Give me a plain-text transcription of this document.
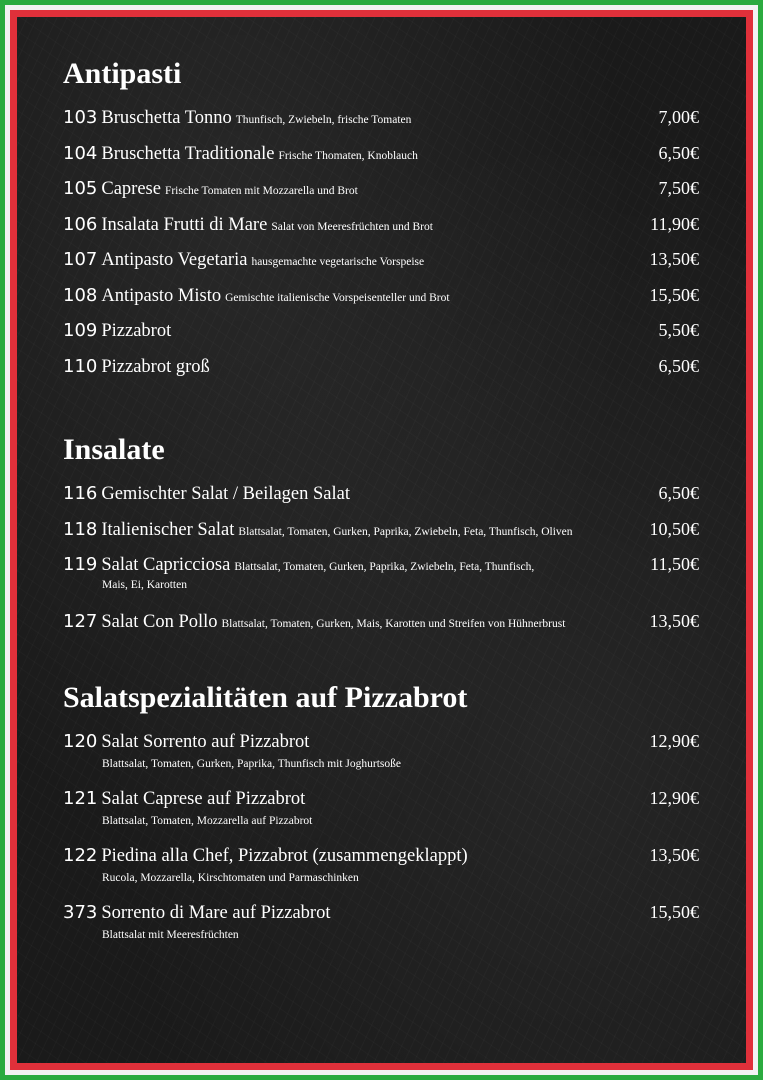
Antipasti
103 Bruschetta Tonno Thunfisch, Zwiebeln, frische Tomaten	7,00€
104 Bruschetta Traditionale Frische Thomaten, Knoblauch	6,50€
105 Caprese Frische Tomaten mit Mozzarella und Brot	7,50€
106 Insalata Frutti di Mare Salat von Meeresfrüchten und Brot	11,90€
107 Antipasto Vegetaria hausgemachte vegetarische Vorspeise	13,50€
108 Antipasto Misto Gemischte italienische Vorspeisenteller und Brot	15,50€
109 Pizzabrot	5,50€
110 Pizzabrot groß	6,50€
Insalate
116 Gemischter Salat / Beilagen Salat	6,50€
118 Italienischer Salat Blattsalat, Tomaten, Gurken, Paprika, Zwiebeln, Feta, Thunfisch, Oliven	10,50€
119 Salat Capricciosa Blattsalat, Tomaten, Gurken, Paprika, Zwiebeln, Feta, Thunfisch,	11,50€
Mais, Ei, Karotten
127 Salat Con Pollo Blattsalat, Tomaten, Gurken, Mais, Karotten und Streifen von Hühnerbrust	13,50€
Salatspezialitäten auf Pizzabrot
120 Salat Sorrento auf Pizzabrot	12,90€
Blattsalat, Tomaten, Gurken, Paprika, Thunfisch mit Joghurtsoße
121 Salat Caprese auf Pizzabrot	12,90€
Blattsalat, Tomaten, Mozzarella auf Pizzabrot
122 Piedina alla Chef, Pizzabrot (zusammengeklappt)	13,50€
Rucola, Mozzarella, Kirschtomaten und Parmaschinken
373 Sorrento di Mare auf Pizzabrot	15,50€
Blattsalat mit Meeresfrüchten
